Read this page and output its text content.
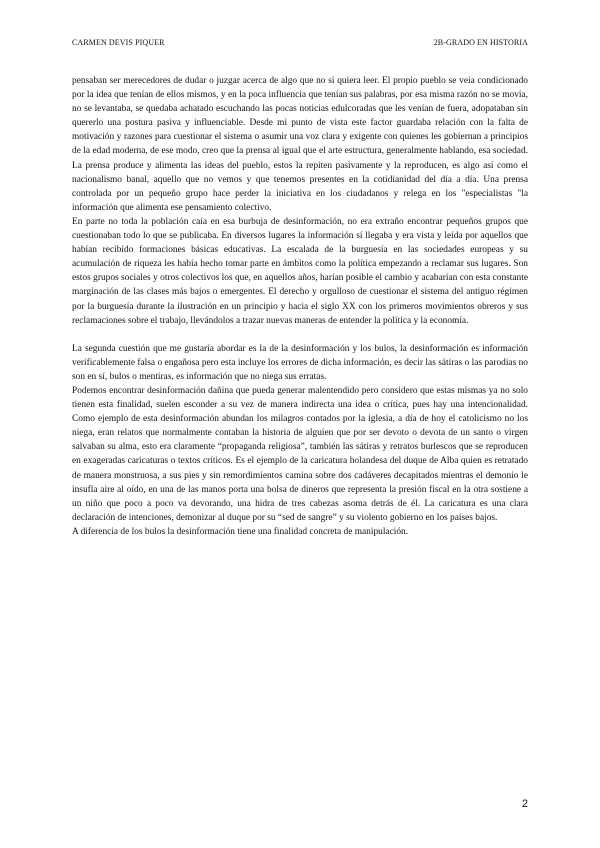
CARMEN DEVIS PIQUER	2B-GRADO EN HISTORIA

pensaban ser merecedores de dudar o juzgar acerca de algo que no si quiera leer. El propio pueblo se veía condicionado por la idea que tenían de ellos mismos, y en la poca influencia que tenían sus palabras, por esa misma razón no se movía, no se levantaba, se quedaba achatado escuchando las pocas noticias edulcoradas que les venían de fuera, adopataban sin quererlo una postura pasiva y influenciable. Desde mi punto de vista este factor guardaba relación con la falta de motivación y razones para cuestionar el sistema o asumir una voz clara y exigente con quienes les gobiernan a principios de la edad moderna, de ese modo, creo que la prensa al igual que el arte estructura, generalmente hablando, esa sociedad. La prensa produce y alimenta las ideas del pueblo, estos la repiten pasivamente y la reproducen, es algo así como el nacionalismo banal, aquello que no vemos y que tenemos presentes en la cotidianidad del día a día. Una prensa controlada por un pequeño grupo hace perder la iniciativa en los ciudadanos y relega en los "especialistas "la información que alimenta ese pensamiento colectivo.

En parte no toda la población caía en esa burbuja de desinformación, no era extraño encontrar pequeños grupos que cuestionaban todo lo que se publicaba. En diversos lugares la información sí llegaba y era vista y leída por aquellos que habían recibido formaciones básicas educativas. La escalada de la burguesía en las sociedades europeas y su acumulación de riqueza les había hecho tomar parte en ámbitos como la política empezando a reclamar sus lugares. Son estos grupos sociales y otros colectivos los que, en aquellos años, harían posible el cambio y acabarían con esta constante marginación de las clases más bajos o emergentes. El derecho y orgulloso de cuestionar el sistema del antiguo régimen por la burguesía durante la ilustración en un principio y hacia el siglo XX con los primeros movimientos obreros y sus reclamaciones sobre el trabajo, llevándolos a trazar nuevas maneras de entender la política y la economía.

La segunda cuestión que me gustaría abordar es la de la desinformación y los bulos, la desinformación es información verificablemente falsa o engañosa pero esta incluye los errores de dicha información, es decir las sátiras o las parodias no son en sí, bulos o mentiras, es información que no niega sus erratas.

Podemos encontrar desinformación dañina que pueda generar malentendido pero considero que estas mismas ya no solo tienen esta finalidad, suelen esconder a su vez de manera indirecta una idea o crítica, pues hay una intencionalidad. Como ejemplo de esta desinformación abundan los milagros contados por la iglesia, a día de hoy el catolicismo no los niega, eran relatos que normalmente contaban la historia de alguien que por ser devoto o devota de un santo o virgen salvaban su alma, esto era claramente “propaganda religiosa”, también las sátiras y retratos burlescos que se reproducen en exageradas caricaturas o textos críticos. Es el ejemplo de la caricatura holandesa del duque de Alba quien es retratado de manera monstruosa, a sus pies y sin remordimientos camina sobre dos cadáveres decapitados mientras el demonio le insufla aire al oído, en una de las manos porta una bolsa de dineros que representa la presión fiscal en la otra sostiene a un niño que poco a poco va devorando, una hidra de tres cabezas asoma detrás de él. La caricatura es una clara declaración de intenciones, demonizar al duque por su “sed de sangre” y su violento gobierno en los países bajos.

A diferencia de los bulos la desinformación tiene una finalidad concreta de manipulación.

2
